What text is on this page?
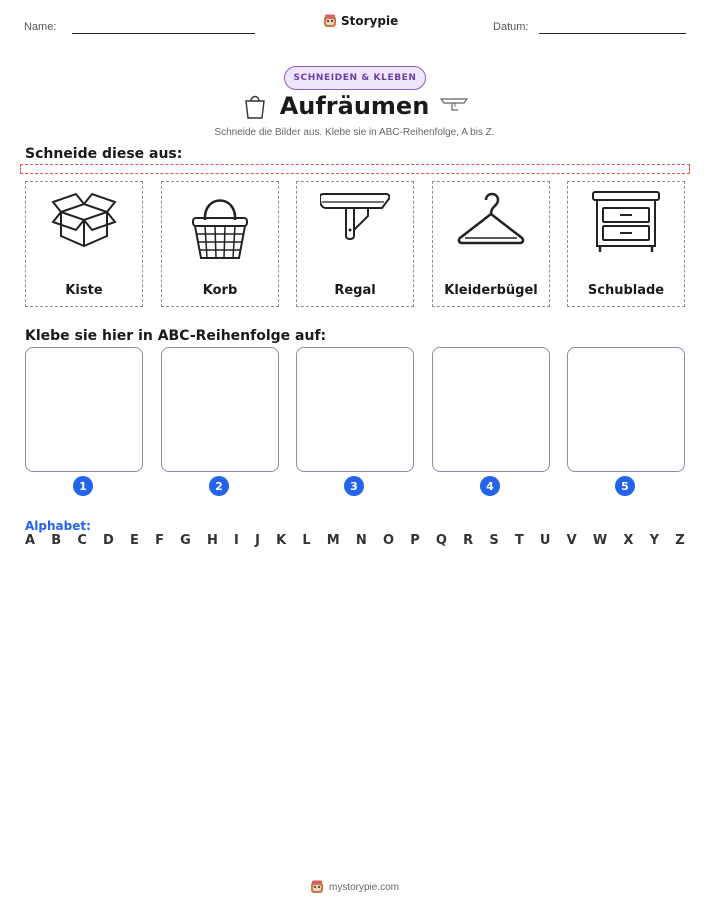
Name:	Storypie	Datum:
SCHNEIDEN & KLEBEN
Aufräumen
Schneide die Bilder aus. Klebe sie in ABC-Reihenfolge, A bis Z.
Schneide diese aus:
Kiste	Korb	Regal	Kleiderbügel	Schublade
Klebe sie hier in ABC-Reihenfolge auf:
1	2	3	4	5
Alphabet:
A B C D E F G H I J K L M N O P Q R S T U V W X Y Z
mystorypie.com
